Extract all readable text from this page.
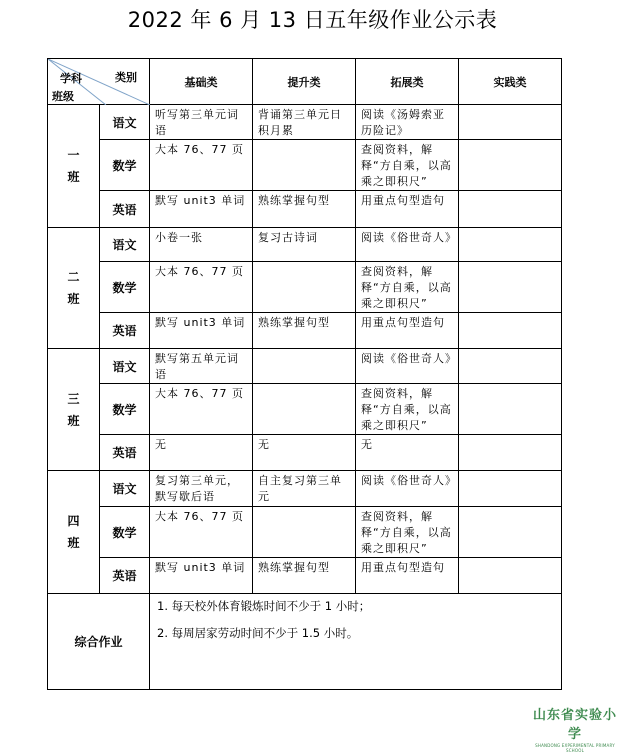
2022 年 6 月 13 日五年级作业公示表
学科 类别
班级		基础类	提升类	拓展类	实践类

一
班	语文	听写第三单元词语	背诵第三单元日积月累	阅读《汤姆索亚历险记》	
	数学	大本 76、77 页		查阅资料，解释“方自乘，以高乘之即积尺”	
	英语	默写 unit3 单词	熟练掌握句型	用重点句型造句	

二
班	语文	小卷一张	复习古诗词	阅读《俗世奇人》	
	数学	大本 76、77 页		查阅资料，解释“方自乘，以高乘之即积尺”	
	英语	默写 unit3 单词	熟练掌握句型	用重点句型造句	

三
班	语文	默写第五单元词语		阅读《俗世奇人》	
	数学	大本 76、77 页		查阅资料，解释“方自乘，以高乘之即积尺”	
	英语	无	无	无	

四
班	语文	复习第三单元，默写歇后语	自主复习第三单元	阅读《俗世奇人》	
	数学	大本 76、77 页		查阅资料，解释“方自乘，以高乘之即积尺”	
	英语	默写 unit3 单词	熟练掌握句型	用重点句型造句	
综合作业		1. 每天校外体育锻炼时间不少于 1 小时；
2. 每周居家劳动时间不少于 1.5 小时。			
山东省实验小学
SHANDONG EXPERIMENTAL PRIMARY SCHOOL
